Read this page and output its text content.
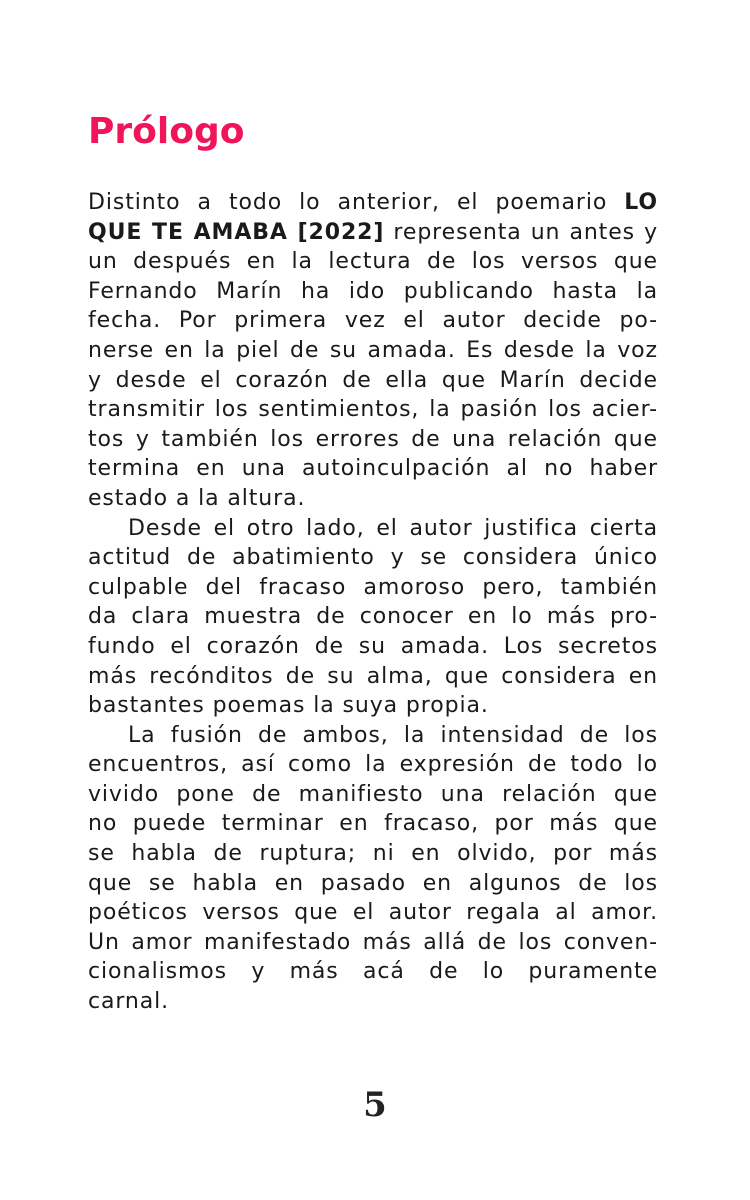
Prólogo
Distinto a todo lo anterior, el poemario LO
QUE TE AMABA [2022] representa un antes y
un después en la lectura de los versos que
Fernando Marín ha ido publicando hasta la
fecha. Por primera vez el autor decide po-
nerse en la piel de su amada. Es desde la voz
y desde el corazón de ella que Marín decide
transmitir los sentimientos, la pasión los acier-
tos y también los errores de una relación que
termina en una autoinculpación al no haber
estado a la altura.
Desde el otro lado, el autor justifica cierta
actitud de abatimiento y se considera único
culpable del fracaso amoroso pero, también
da clara muestra de conocer en lo más pro-
fundo el corazón de su amada. Los secretos
más recónditos de su alma, que considera en
bastantes poemas la suya propia.
La fusión de ambos, la intensidad de los
encuentros, así como la expresión de todo lo
vivido pone de manifiesto una relación que
no puede terminar en fracaso, por más que
se habla de ruptura; ni en olvido, por más
que se habla en pasado en algunos de los
poéticos versos que el autor regala al amor.
Un amor manifestado más allá de los conven-
cionalismos y más acá de lo puramente
carnal.
5
